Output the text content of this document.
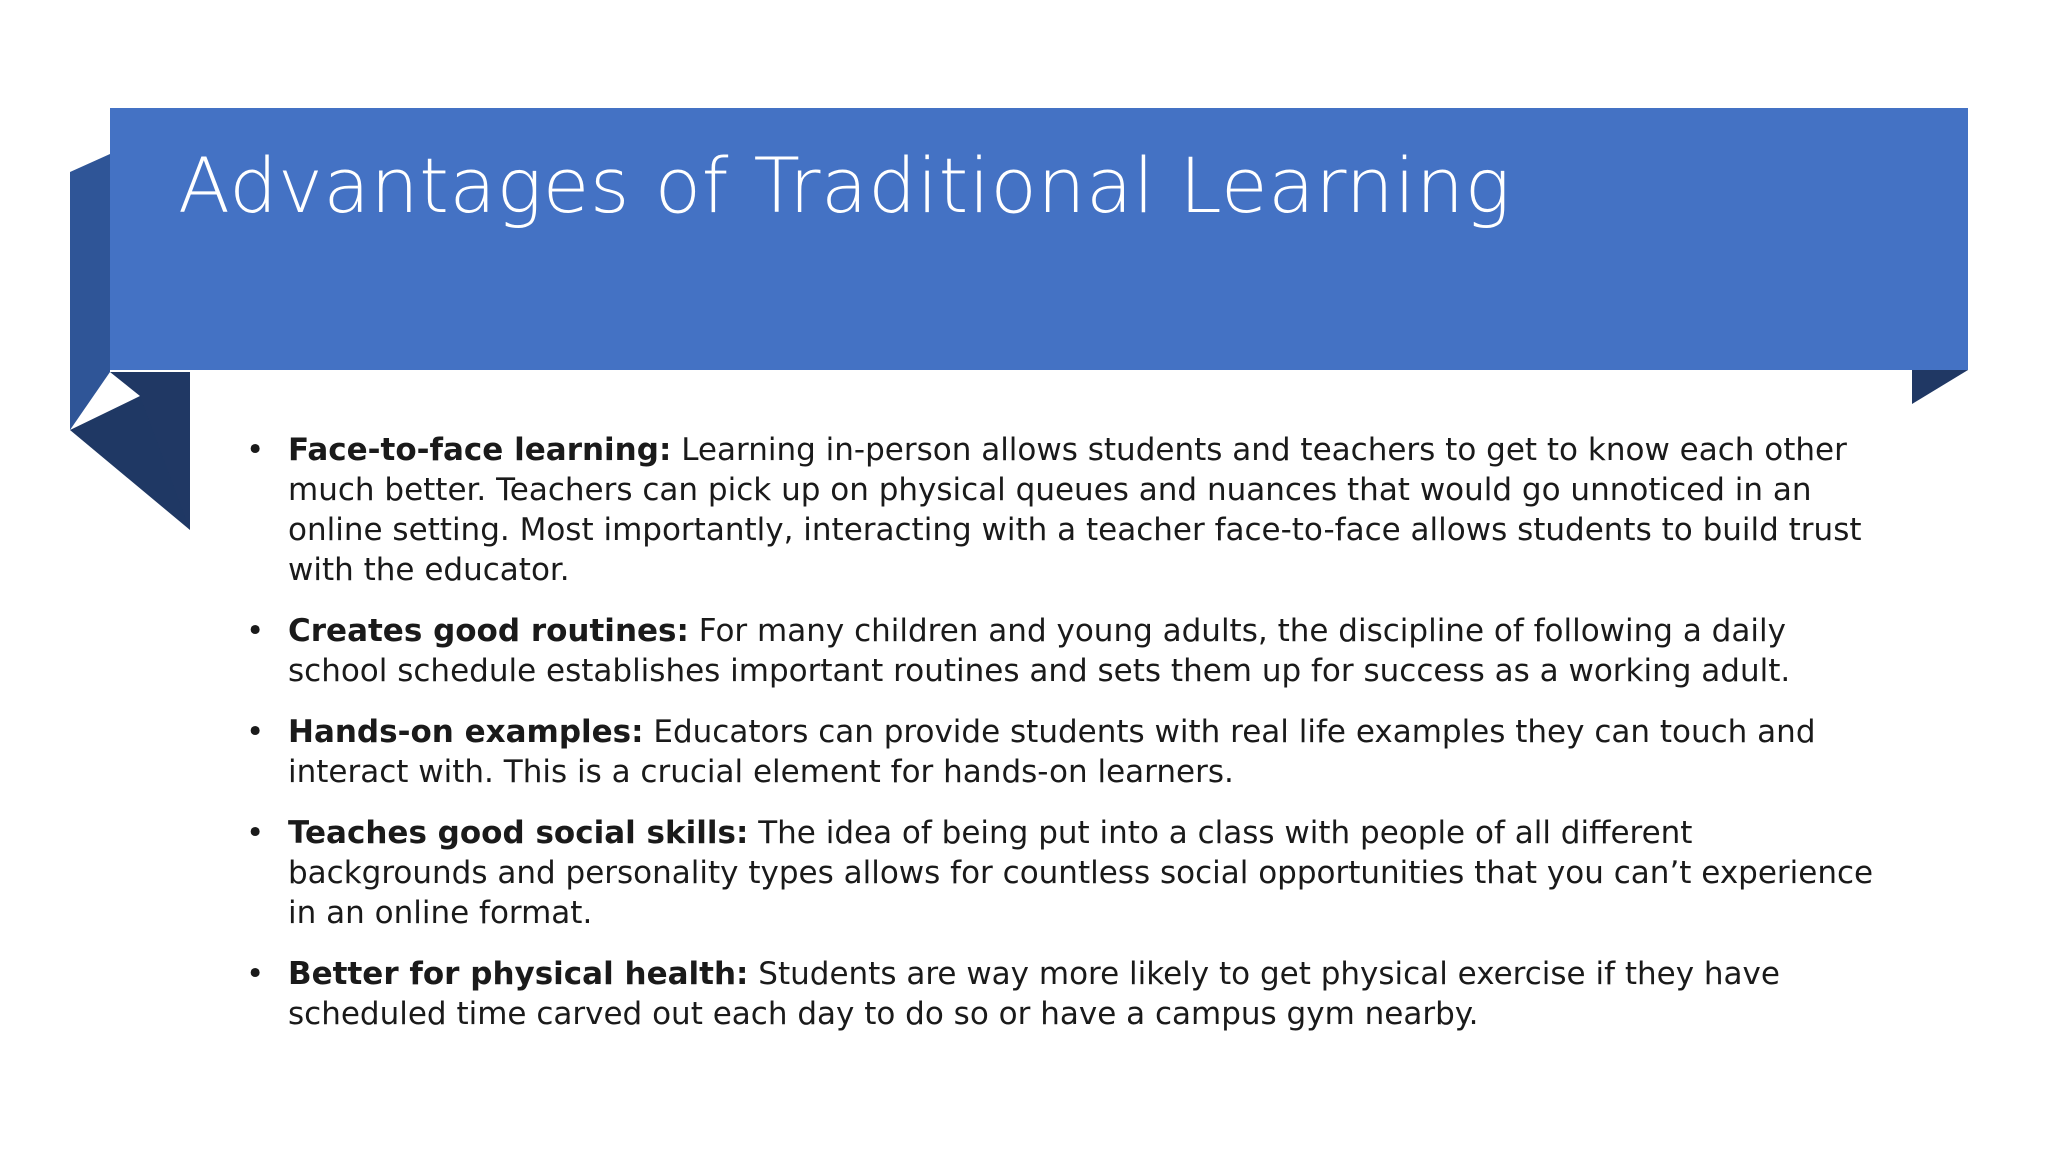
Advantages of Traditional Learning
• Face-to-face learning: Learning in-person allows students and teachers to get to know each other much better. Teachers can pick up on physical queues and nuances that would go unnoticed in an online setting. Most importantly, interacting with a teacher face-to-face allows students to build trust with the educator.
• Creates good routines: For many children and young adults, the discipline of following a daily school schedule establishes important routines and sets them up for success as a working adult.
• Hands-on examples: Educators can provide students with real life examples they can touch and interact with. This is a crucial element for hands-on learners.
• Teaches good social skills: The idea of being put into a class with people of all different backgrounds and personality types allows for countless social opportunities that you can’t experience in an online format.
• Better for physical health: Students are way more likely to get physical exercise if they have scheduled time carved out each day to do so or have a campus gym nearby.
